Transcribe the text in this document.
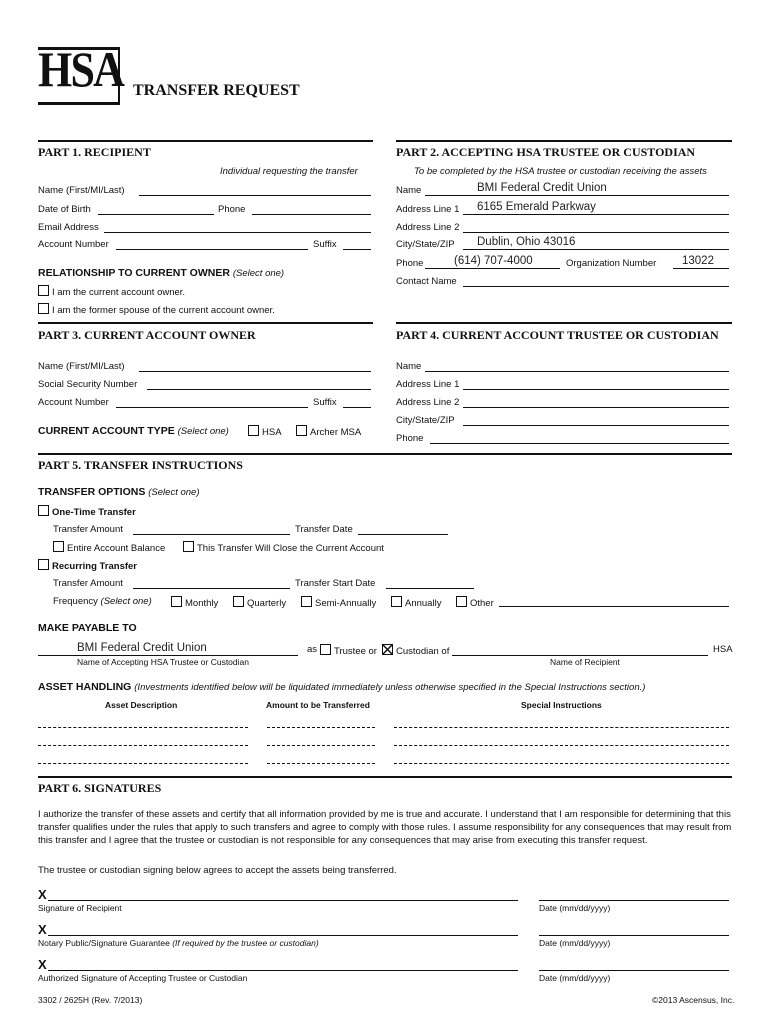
HSA TRANSFER REQUEST
PART 1. RECIPIENT
Individual requesting the transfer
Name (First/MI/Last)
Date of Birth	Phone
Email Address
Account Number	Suffix
RELATIONSHIP TO CURRENT OWNER (Select one)
I am the current account owner.
I am the former spouse of the current account owner.
PART 2. ACCEPTING HSA TRUSTEE OR CUSTODIAN
To be completed by the HSA trustee or custodian receiving the assets
Name	BMI Federal Credit Union
Address Line 1 6165 Emerald Parkway
Address Line 2
City/State/ZIP Dublin, Ohio 43016
Phone	(614) 707-4000	Organization Number 13022
Contact Name
PART 3. CURRENT ACCOUNT OWNER
Name (First/MI/Last)
Social Security Number
Account Number	Suffix
CURRENT ACCOUNT TYPE (Select one)	HSA	Archer MSA
PART 4. CURRENT ACCOUNT TRUSTEE OR CUSTODIAN
Name
Address Line 1
Address Line 2
City/State/ZIP
Phone
PART 5. TRANSFER INSTRUCTIONS
TRANSFER OPTIONS (Select one)
One-Time Transfer
Transfer Amount	Transfer Date
Entire Account Balance	This Transfer Will Close the Current Account
Recurring Transfer
Transfer Amount	Transfer Start Date
Frequency (Select one)	Monthly	Quarterly	Semi-Annually	Annually	Other
MAKE PAYABLE TO
BMI Federal Credit Union	as	Trustee or	Custodian of	HSA
Name of Accepting HSA Trustee or Custodian	Name of Recipient
ASSET HANDLING (Investments identified below will be liquidated immediately unless otherwise specified in the Special Instructions section.)
Asset Description	Amount to be Transferred	Special Instructions
PART 6. SIGNATURES
I authorize the transfer of these assets and certify that all information provided by me is true and accurate. I understand that I am responsible for determining that this transfer qualifies under the rules that apply to such transfers and agree to comply with those rules. I assume responsibility for any consequences that may result from this transfer and I agree that the trustee or custodian is not responsible for any consequences that may arise from executing this transfer request.
The trustee or custodian signing below agrees to accept the assets being transferred.
X
Signature of Recipient	Date (mm/dd/yyyy)
X
Notary Public/Signature Guarantee (If required by the trustee or custodian)	Date (mm/dd/yyyy)
X
Authorized Signature of Accepting Trustee or Custodian	Date (mm/dd/yyyy)
3302 / 2625H (Rev. 7/2013)	©2013 Ascensus, Inc.
